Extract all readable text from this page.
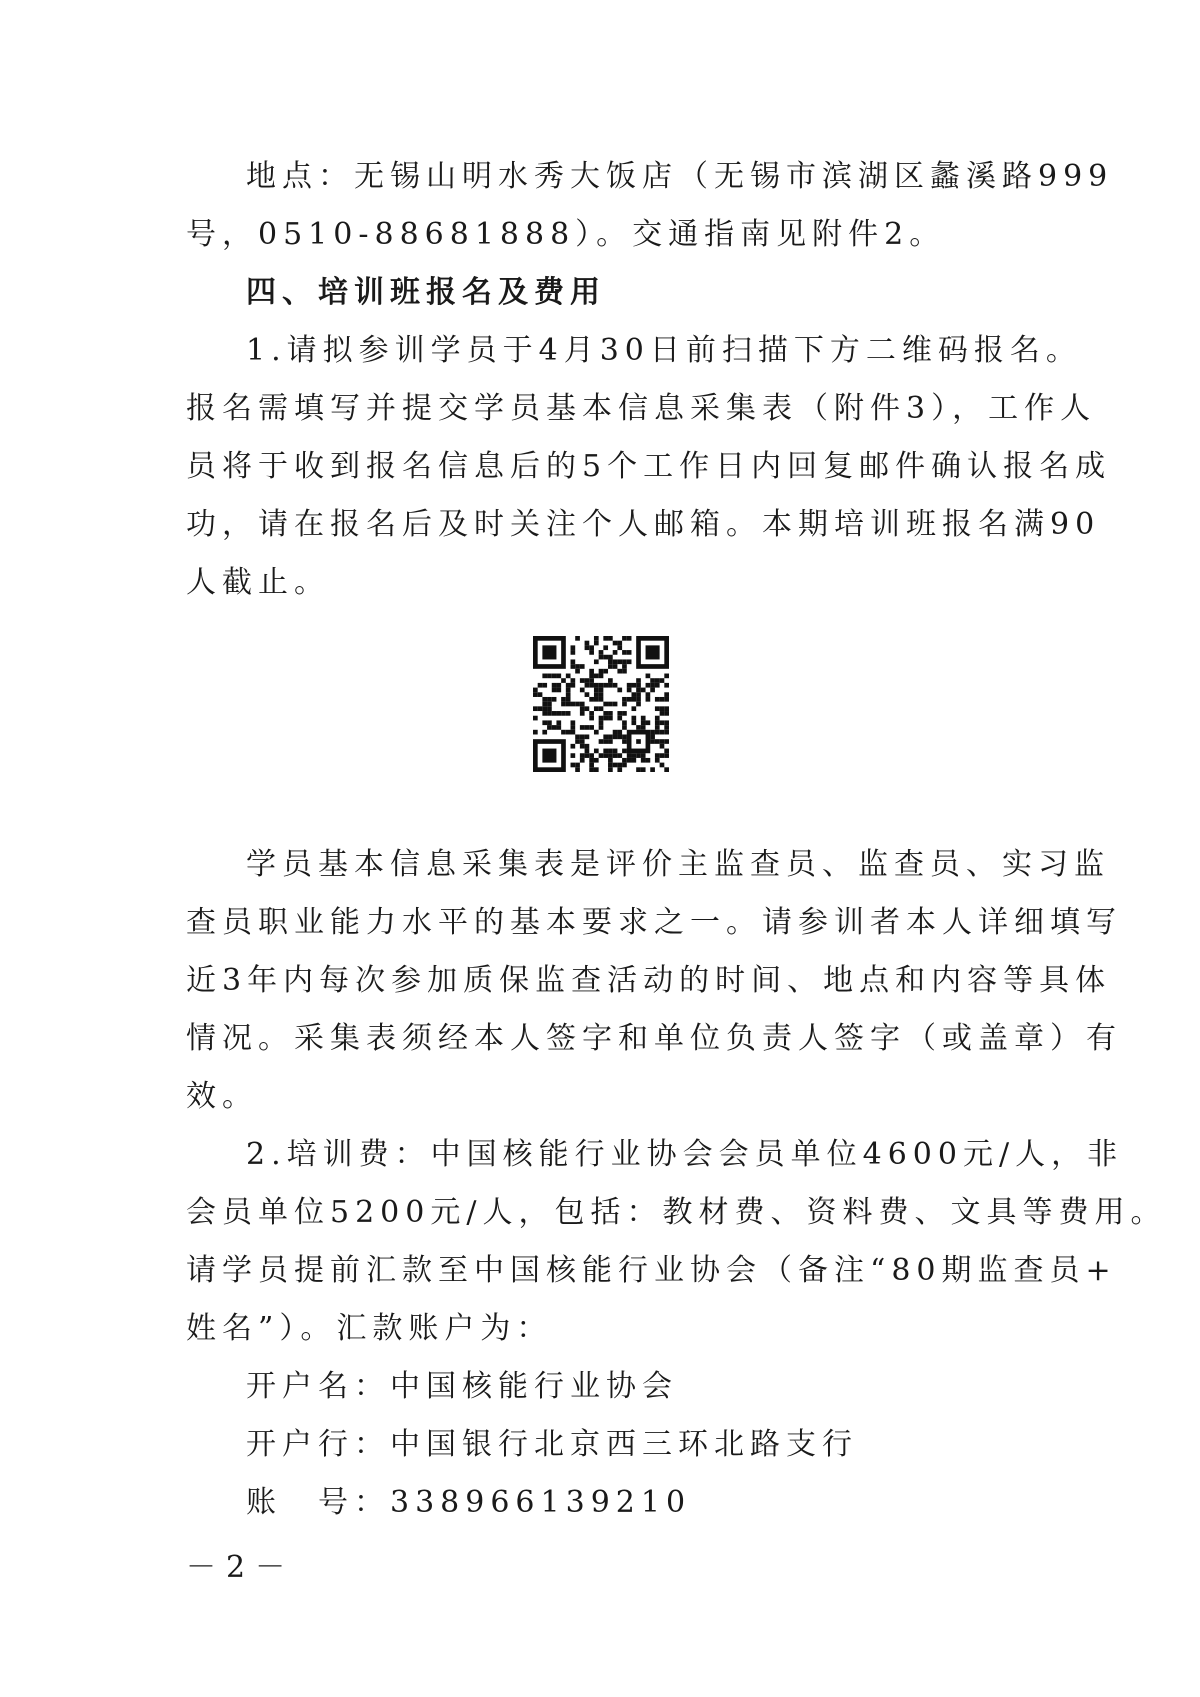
地点：无锡山明水秀大饭店（无锡市滨湖区蠡溪路999
号，0510-88681888）。交通指南见附件2。
四、培训班报名及费用
1.请拟参训学员于4月30日前扫描下方二维码报名。
报名需填写并提交学员基本信息采集表（附件3），工作人
员将于收到报名信息后的5个工作日内回复邮件确认报名成
功，请在报名后及时关注个人邮箱。本期培训班报名满90
人截止。
学员基本信息采集表是评价主监查员、监查员、实习监
查员职业能力水平的基本要求之一。请参训者本人详细填写
近3年内每次参加质保监查活动的时间、地点和内容等具体
情况。采集表须经本人签字和单位负责人签字（或盖章）有
效。
2.培训费：中国核能行业协会会员单位4600元/人，非
会员单位5200元/人，包括：教材费、资料费、文具等费用。
请学员提前汇款至中国核能行业协会（备注“80期监查员+
姓名”）。汇款账户为：
开户名：中国核能行业协会
开户行：中国银行北京西三环北路支行
账　号：338966139210
－2－
